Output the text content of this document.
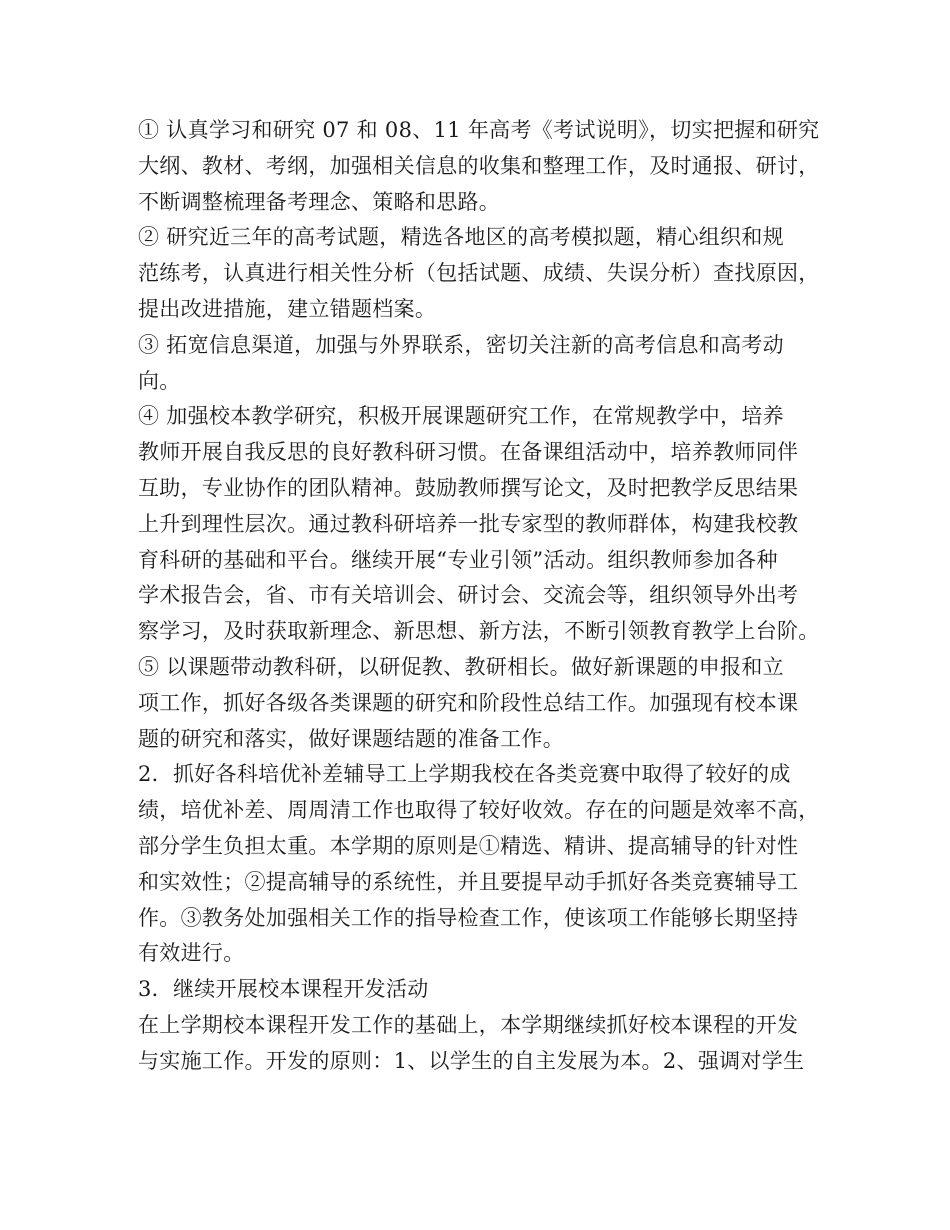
① 认真学习和研究 07 和 08、11 年高考《考试说明》，切实把握和研究
大纲、教材、考纲，加强相关信息的收集和整理工作，及时通报、研讨，
不断调整梳理备考理念、策略和思路。
② 研究近三年的高考试题，精选各地区的高考模拟题，精心组织和规
范练考，认真进行相关性分析（包括试题、成绩、失误分析）查找原因，
提出改进措施，建立错题档案。
③ 拓宽信息渠道，加强与外界联系，密切关注新的高考信息和高考动
向。
④ 加强校本教学研究，积极开展课题研究工作，在常规教学中，培养
教师开展自我反思的良好教科研习惯。在备课组活动中，培养教师同伴
互助，专业协作的团队精神。鼓励教师撰写论文，及时把教学反思结果
上升到理性层次。通过教科研培养一批专家型的教师群体，构建我校教
育科研的基础和平台。继续开展“专业引领”活动。组织教师参加各种
学术报告会，省、市有关培训会、研讨会、交流会等，组织领导外出考
察学习，及时获取新理念、新思想、新方法，不断引领教育教学上台阶。
⑤ 以课题带动教科研，以研促教、教研相长。做好新课题的申报和立
项工作，抓好各级各类课题的研究和阶段性总结工作。加强现有校本课
题的研究和落实，做好课题结题的准备工作。
2．抓好各科培优补差辅导工上学期我校在各类竞赛中取得了较好的成
绩，培优补差、周周清工作也取得了较好收效。存在的问题是效率不高，
部分学生负担太重。本学期的原则是①精选、精讲、提高辅导的针对性
和实效性；②提高辅导的系统性，并且要提早动手抓好各类竞赛辅导工
作。③教务处加强相关工作的指导检查工作，使该项工作能够长期坚持
有效进行。
3．继续开展校本课程开发活动
在上学期校本课程开发工作的基础上，本学期继续抓好校本课程的开发
与实施工作。开发的原则：1、以学生的自主发展为本。2、强调对学生
